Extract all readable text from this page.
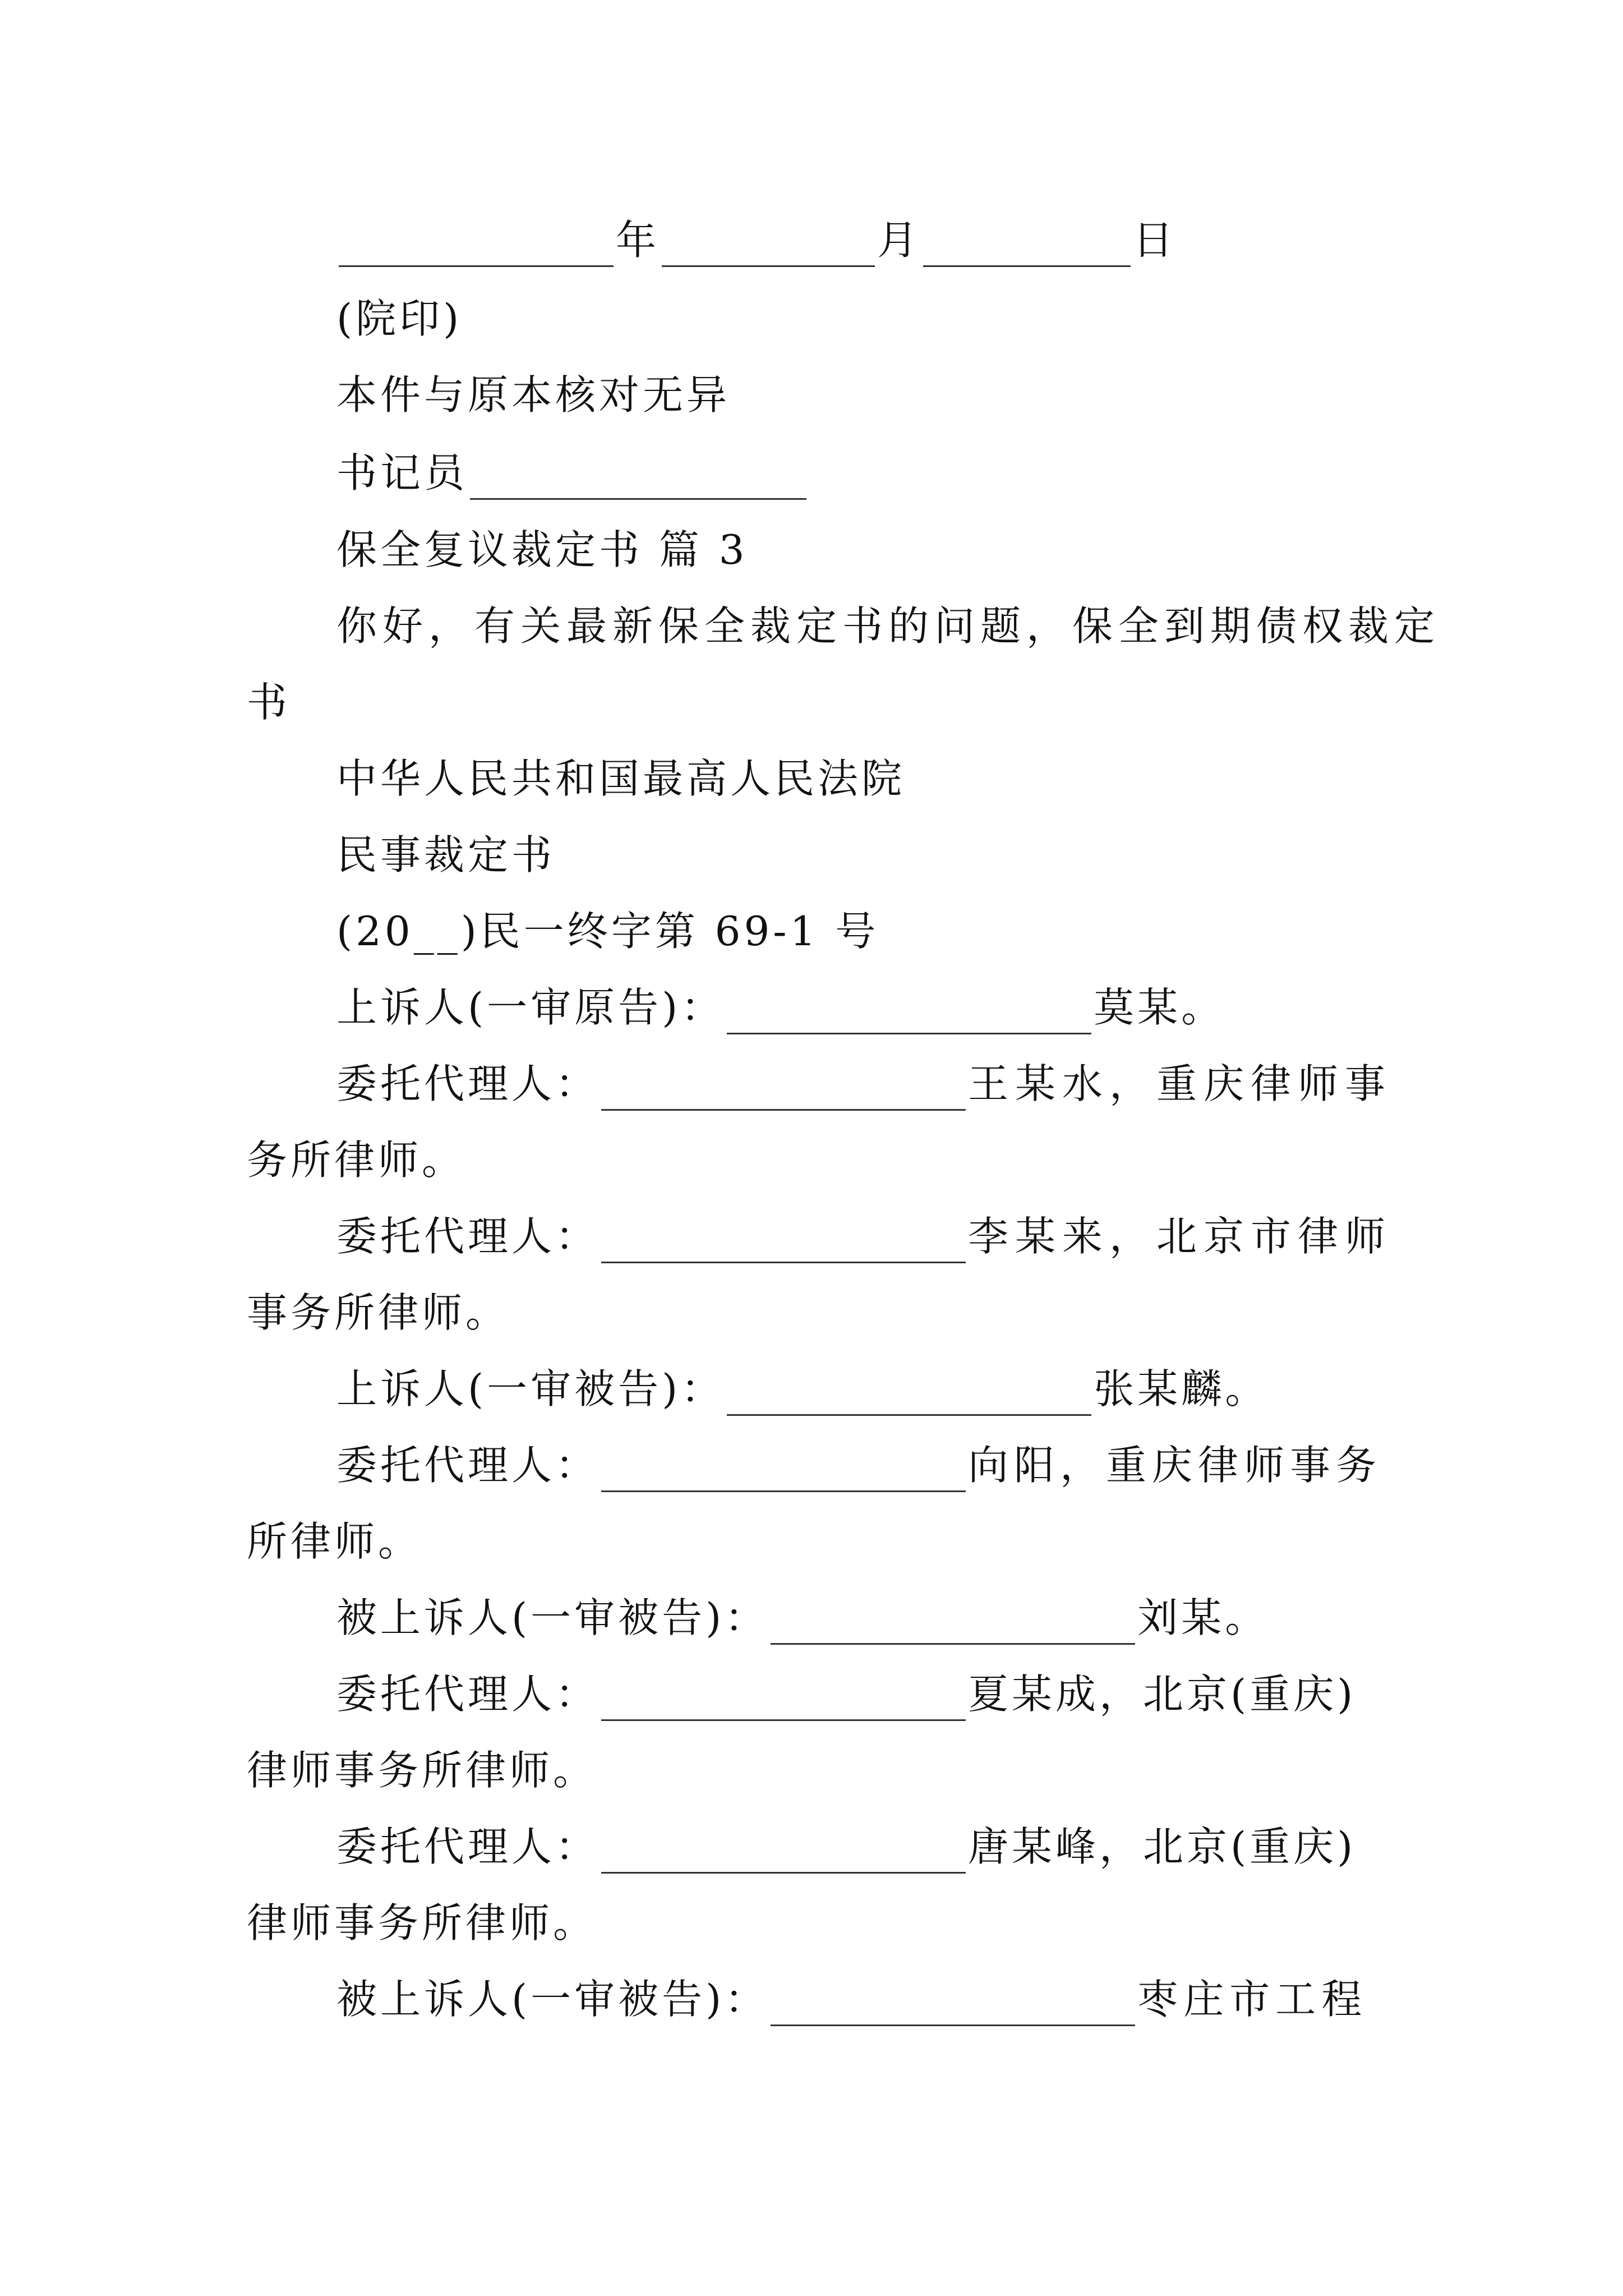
年	月	日
(院印)
本件与原本核对无异
书记员
保全复议裁定书 篇 3
你好，有关最新保全裁定书的问题，保全到期债权裁定
书
中华人民共和国最高人民法院
民事裁定书
(20__)民一终字第 69-1 号
上诉人(一审原告)：	莫某。
委托代理人：	王某水，重庆律师事
务所律师。
委托代理人：	李某来，北京市律师
事务所律师。
上诉人(一审被告)：	张某麟。
委托代理人：	向阳，重庆律师事务
所律师。
被上诉人(一审被告)：	刘某。
委托代理人：	夏某成，北京(重庆)
律师事务所律师。
委托代理人：	唐某峰，北京(重庆)
律师事务所律师。
被上诉人(一审被告)：	枣庄市工程
